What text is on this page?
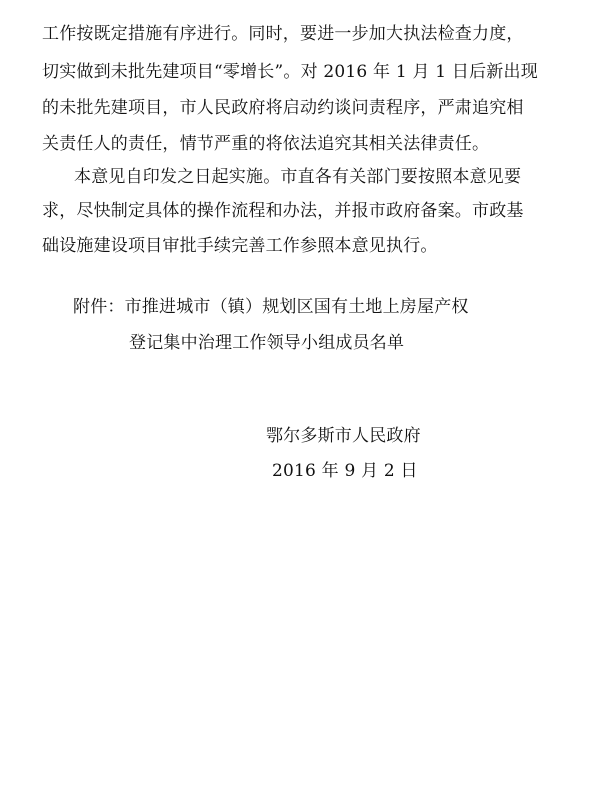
工作按既定措施有序进行。同时，要进一步加大执法检查力度，
切实做到未批先建项目“零增长”。对 2016 年 1 月 1 日后新出现
的未批先建项目，市人民政府将启动约谈问责程序，严肃追究相
关责任人的责任，情节严重的将依法追究其相关法律责任。
本意见自印发之日起实施。市直各有关部门要按照本意见要
求，尽快制定具体的操作流程和办法，并报市政府备案。市政基
础设施建设项目审批手续完善工作参照本意见执行。
附件：市推进城市（镇）规划区国有土地上房屋产权
登记集中治理工作领导小组成员名单
鄂尔多斯市人民政府
2016 年 9 月 2 日
